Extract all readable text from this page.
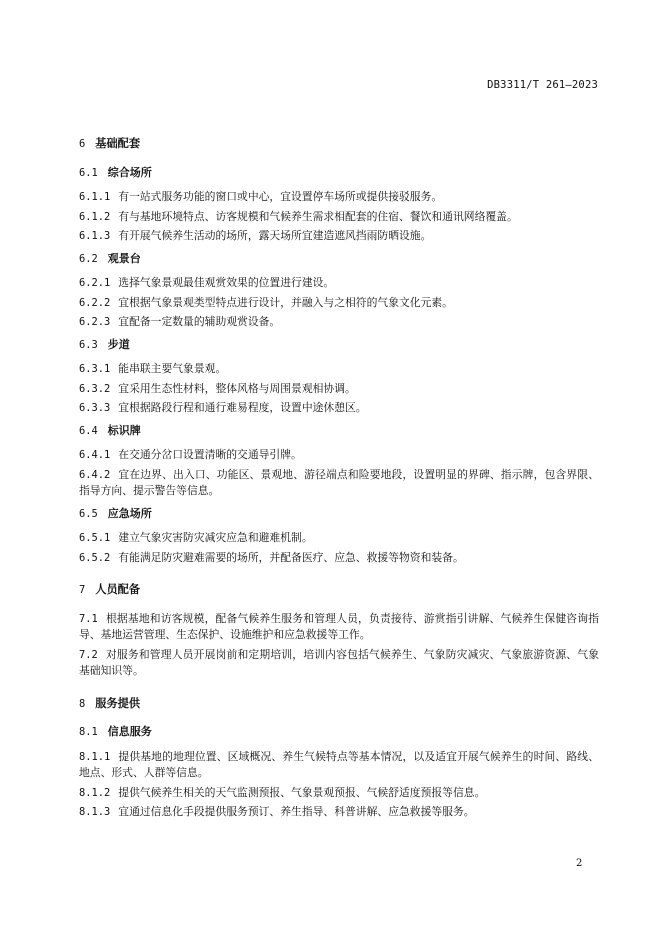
DB3311/T 261—2023
6 基础配套
6.1 综合场所
6.1.1 有一站式服务功能的窗口或中心，宜设置停车场所或提供接驳服务。
6.1.2 有与基地环境特点、访客规模和气候养生需求相配套的住宿、餐饮和通讯网络覆盖。
6.1.3 有开展气候养生活动的场所，露天场所宜建造遮风挡雨防晒设施。
6.2 观景台
6.2.1 选择气象景观最佳观赏效果的位置进行建设。
6.2.2 宜根据气象景观类型特点进行设计，并融入与之相符的气象文化元素。
6.2.3 宜配备一定数量的辅助观赏设备。
6.3 步道
6.3.1 能串联主要气象景观。
6.3.2 宜采用生态性材料，整体风格与周围景观相协调。
6.3.3 宜根据路段行程和通行难易程度，设置中途休憩区。
6.4 标识牌
6.4.1 在交通分岔口设置清晰的交通导引牌。
6.4.2 宜在边界、出入口、功能区、景观地、游径端点和险要地段，设置明显的界碑、指示牌，包含界限、指导方向、提示警告等信息。
6.5 应急场所
6.5.1 建立气象灾害防灾减灾应急和避难机制。
6.5.2 有能满足防灾避难需要的场所，并配备医疗、应急、救援等物资和装备。
7 人员配备
7.1 根据基地和访客规模，配备气候养生服务和管理人员，负责接待、游赏指引讲解、气候养生保健咨询指导、基地运营管理、生态保护、设施维护和应急救援等工作。
7.2 对服务和管理人员开展岗前和定期培训，培训内容包括气候养生、气象防灾减灾、气象旅游资源、气象基础知识等。
8 服务提供
8.1 信息服务
8.1.1 提供基地的地理位置、区域概况、养生气候特点等基本情况，以及适宜开展气候养生的时间、路线、地点、形式、人群等信息。
8.1.2 提供气候养生相关的天气监测预报、气象景观预报、气候舒适度预报等信息。
8.1.3 宜通过信息化手段提供服务预订、养生指导、科普讲解、应急救援等服务。
2
